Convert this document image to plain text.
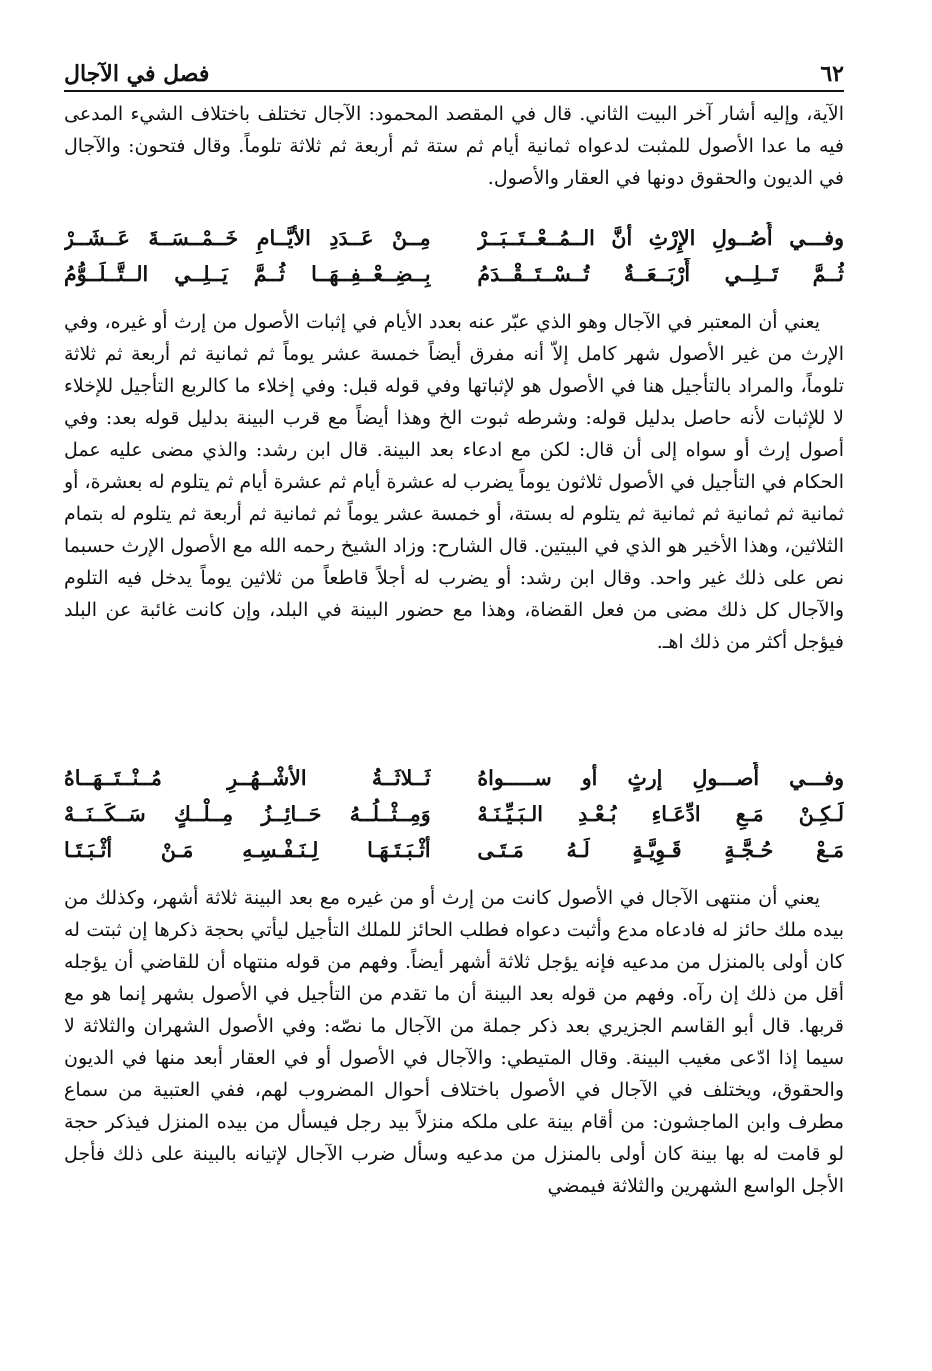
٦٢
فصل في الآجال

الآية، وإليه أشار آخر البيت الثاني. قال في المقصد المحمود: الآجال تختلف باختلاف الشيء المدعى فيه ما عدا الأصول للمثبت لدعواه ثمانية أيام ثم ستة ثم أربعة ثم ثلاثة تلوماً. وقال فتحون: والآجال في الديون والحقوق دونها في العقار والأصول.

وفـــي أُصُــولِ الإِرْثِ أنَّ الــمُــعْــتَــبَــرْ
مِــنْ عَــدَدِ الأيَّــامِ خَــمْــسَــةَ عَــشَــرْ
ثُــمَّ تَــلِــي أَرْبَــعَــةٌ تُــسْــتَــقْــدَمُ
بِــضِــعْــفِــهَــا ثُــمَّ يَــلِــي الــتَّــلَــوُّمُ

يعني أن المعتبر في الآجال وهو الذي عبّر عنه بعدد الأيام في إثبات الأصول من إرث أو غيره، وفي الإرث من غير الأصول شهر كامل إلاّ أنه مفرق أيضاً خمسة عشر يوماً ثم ثمانية ثم أربعة ثم ثلاثة تلوماً، والمراد بالتأجيل هنا في الأصول هو لإثباتها وفي قوله قبل: وفي إخلاء ما كالربع التأجيل للإخلاء لا للإثبات لأنه حاصل بدليل قوله: وشرطه ثبوت الخ وهذا أيضاً مع قرب البينة بدليل قوله بعد: وفي أصول إرث أو سواه إلى أن قال: لكن مع ادعاء بعد البينة. قال ابن رشد: والذي مضى عليه عمل الحكام في التأجيل في الأصول ثلاثون يوماً يضرب له عشرة أيام ثم عشرة أيام ثم يتلوم له بعشرة، أو ثمانية ثم ثمانية ثم ثمانية ثم يتلوم له بستة، أو خمسة عشر يوماً ثم ثمانية ثم أربعة ثم يتلوم له بتمام الثلاثين، وهذا الأخير هو الذي في البيتين. قال الشارح: وزاد الشيخ رحمه الله مع الأصول الإرث حسبما نص على ذلك غير واحد. وقال ابن رشد: أو يضرب له أجلاً قاطعاً من ثلاثين يوماً يدخل فيه التلوم والآجال كل ذلك مضى من فعل القضاة، وهذا مع حضور البينة في البلد، وإن كانت غائبة عن البلد فيؤجل أكثر من ذلك اهـ.

وفـــي أُصـــولِ إرثٍ أو ســـــواهُ
ثَــلاثَــةُ الأشْــهُــرِ مُــنْــتَــهَــاهُ
لَـكِـنْ مَـعِ ادِّعَـاءِ بُـعْـدِ الـبَـيِّـنَـهْ
وَمِــثْــلُــهُ حَــائِــزُ مِــلْــكٍ سَــكَــنَــهْ
مَـعْ حُـجَّـةٍ قَـوِيَّـةٍ لَـهُ مَـتَـى
أثْـبَـتَـهَـا لِـنَـفْـسِـهِ مَـنْ أثْـبَـتَـا

يعني أن منتهى الآجال في الأصول كانت من إرث أو من غيره مع بعد البينة ثلاثة أشهر، وكذلك من بيده ملك حائز له فادعاه مدع وأثبت دعواه فطلب الحائز للملك التأجيل ليأتي بحجة ذكرها إن ثبتت له كان أولى بالمنزل من مدعيه فإنه يؤجل ثلاثة أشهر أيضاً. وفهم من قوله منتهاه أن للقاضي أن يؤجله أقل من ذلك إن رآه. وفهم من قوله بعد البينة أن ما تقدم من التأجيل في الأصول بشهر إنما هو مع قربها. قال أبو القاسم الجزيري بعد ذكر جملة من الآجال ما نصّه: وفي الأصول الشهران والثلاثة لا سيما إذا ادّعى مغيب البينة. وقال المتيطي: والآجال في الأصول أو في العقار أبعد منها في الديون والحقوق، ويختلف في الآجال في الأصول باختلاف أحوال المضروب لهم، ففي العتبية من سماع مطرف وابن الماجشون: من أقام بينة على ملكه منزلاً بيد رجل فيسأل من بيده المنزل فيذكر حجة لو قامت له بها بينة كان أولى بالمنزل من مدعيه وسأل ضرب الآجال لإتيانه بالبينة على ذلك فأجل الأجل الواسع الشهرين والثلاثة فيمضي
